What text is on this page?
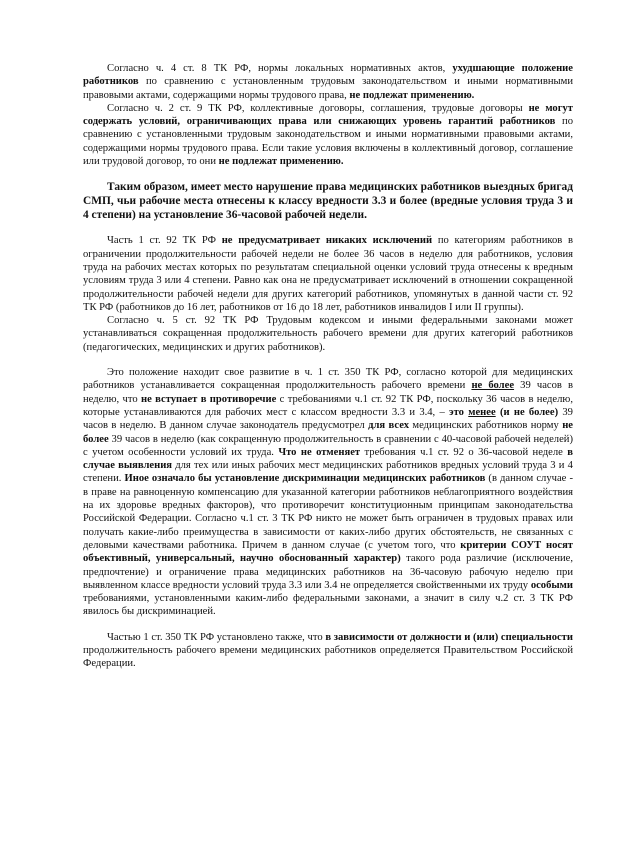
Согласно ч. 4 ст. 8 ТК РФ, нормы локальных нормативных актов, ухудшающие положение работников по сравнению с установленным трудовым законодательством и иными нормативными правовыми актами, содержащими нормы трудового права, не подлежат применению.

Согласно ч. 2 ст. 9 ТК РФ, коллективные договоры, соглашения, трудовые договоры не могут содержать условий, ограничивающих права или снижающих уровень гарантий работников по сравнению с установленными трудовым законодательством и иными нормативными правовыми актами, содержащими нормы трудового права. Если такие условия включены в коллективный договор, соглашение или трудовой договор, то они не подлежат применению.

Таким образом, имеет место нарушение права медицинских работников выездных бригад СМП, чьи рабочие места отнесены к классу вредности 3.3 и более (вредные условия труда 3 и 4 степени) на установление 36-часовой рабочей недели.

Часть 1 ст. 92 ТК РФ не предусматривает никаких исключений по категориям работников в ограничении продолжительности рабочей недели не более 36 часов в неделю для работников, условия труда на рабочих местах которых по результатам специальной оценки условий труда отнесены к вредным условиям труда 3 или 4 степени. Равно как она не предусматривает исключений в отношении сокращенной продолжительности рабочей недели для других категорий работников, упомянутых в данной части ст. 92 ТК РФ (работников до 16 лет, работников от 16 до 18 лет, работников инвалидов I или II группы).

Согласно ч. 5 ст. 92 ТК РФ Трудовым кодексом и иными федеральными законами может устанавливаться сокращенная продолжительность рабочего времени для других категорий работников (педагогических, медицинских и других работников).

Это положение находит свое развитие в ч. 1 ст. 350 ТК РФ, согласно которой для медицинских работников устанавливается сокращенная продолжительность рабочего времени не более 39 часов в неделю, что не вступает в противоречие с требованиями ч.1 ст. 92 ТК РФ, поскольку 36 часов в неделю, которые устанавливаются для рабочих мест с классом вредности 3.3 и 3.4, – это менее (и не более) 39 часов в неделю. В данном случае законодатель предусмотрел для всех медицинских работников норму не более 39 часов в неделю (как сокращенную продолжительность в сравнении с 40-часовой рабочей неделей) с учетом особенности условий их труда. Что не отменяет требования ч.1 ст. 92 о 36-часовой неделе в случае выявления для тех или иных рабочих мест медицинских работников вредных условий труда 3 и 4 степени. Иное означало бы установление дискриминации медицинских работников (в данном случае - в праве на равноценную компенсацию для указанной категории работников неблагоприятного воздействия на их здоровье вредных факторов), что противоречит конституционным принципам законодательства Российской Федерации. Согласно ч.1 ст. 3 ТК РФ никто не может быть ограничен в трудовых правах или получать какие-либо преимущества в зависимости от каких-либо других обстоятельств, не связанных с деловыми качествами работника. Причем в данном случае (с учетом того, что критерии СОУТ носят объективный, универсальный, научно обоснованный характер) такого рода различие (исключение, предпочтение) и ограничение права медицинских работников на 36-часовую рабочую неделю при выявленном классе вредности условий труда 3.3 или 3.4 не определяется свойственными их труду особыми требованиями, установленными каким-либо федеральными законами, а значит в силу ч.2 ст. 3 ТК РФ явилось бы дискриминацией.

Частью 1 ст. 350 ТК РФ установлено также, что в зависимости от должности и (или) специальности продолжительность рабочего времени медицинских работников определяется Правительством Российской Федерации.
